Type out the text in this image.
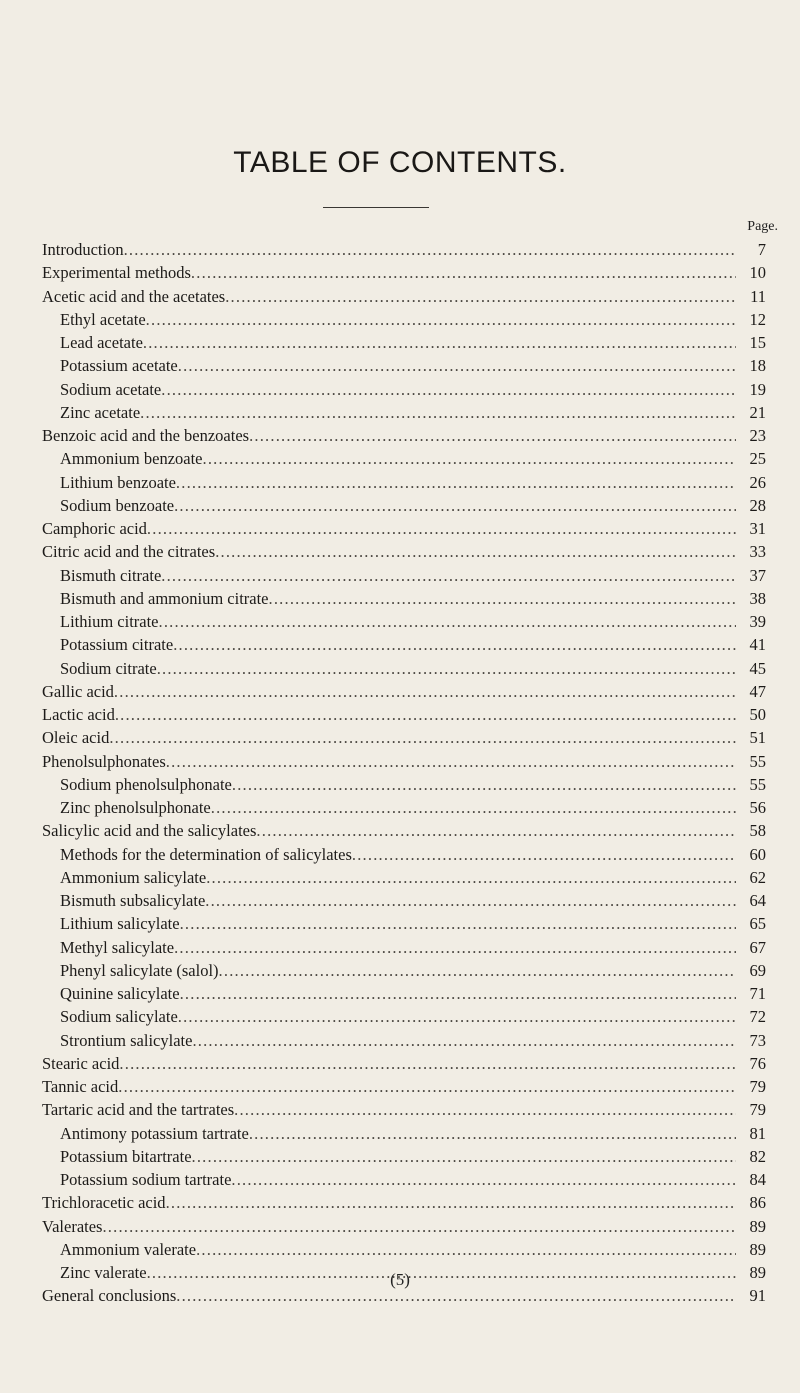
TABLE OF CONTENTS.
Page.
Introduction .....	7
Experimental methods .....	10
Acetic acid and the acetates .....	11
Ethyl acetate .....	12
Lead acetate .....	15
Potassium acetate .....	18
Sodium acetate .....	19
Zinc acetate .....	21
Benzoic acid and the benzoates .....	23
Ammonium benzoate .....	25
Lithium benzoate .....	26
Sodium benzoate .....	28
Camphoric acid .....	31
Citric acid and the citrates .....	33
Bismuth citrate .....	37
Bismuth and ammonium citrate .....	38
Lithium citrate .....	39
Potassium citrate .....	41
Sodium citrate .....	45
Gallic acid .....	47
Lactic acid .....	50
Oleic acid .....	51
Phenolsulphonates .....	55
Sodium phenolsulphonate .....	55
Zinc phenolsulphonate .....	56
Salicylic acid and the salicylates .....	58
Methods for the determination of salicylates .....	60
Ammonium salicylate .....	62
Bismuth subsalicylate .....	64
Lithium salicylate .....	65
Methyl salicylate .....	67
Phenyl salicylate (salol) .....	69
Quinine salicylate .....	71
Sodium salicylate .....	72
Strontium salicylate .....	73
Stearic acid .....	76
Tannic acid .....	79
Tartaric acid and the tartrates .....	79
Antimony potassium tartrate .....	81
Potassium bitartrate .....	82
Potassium sodium tartrate .....	84
Trichloracetic acid .....	86
Valerates .....	89
Ammonium valerate .....	89
Zinc valerate .....	89
General conclusions .....	91
(5)
